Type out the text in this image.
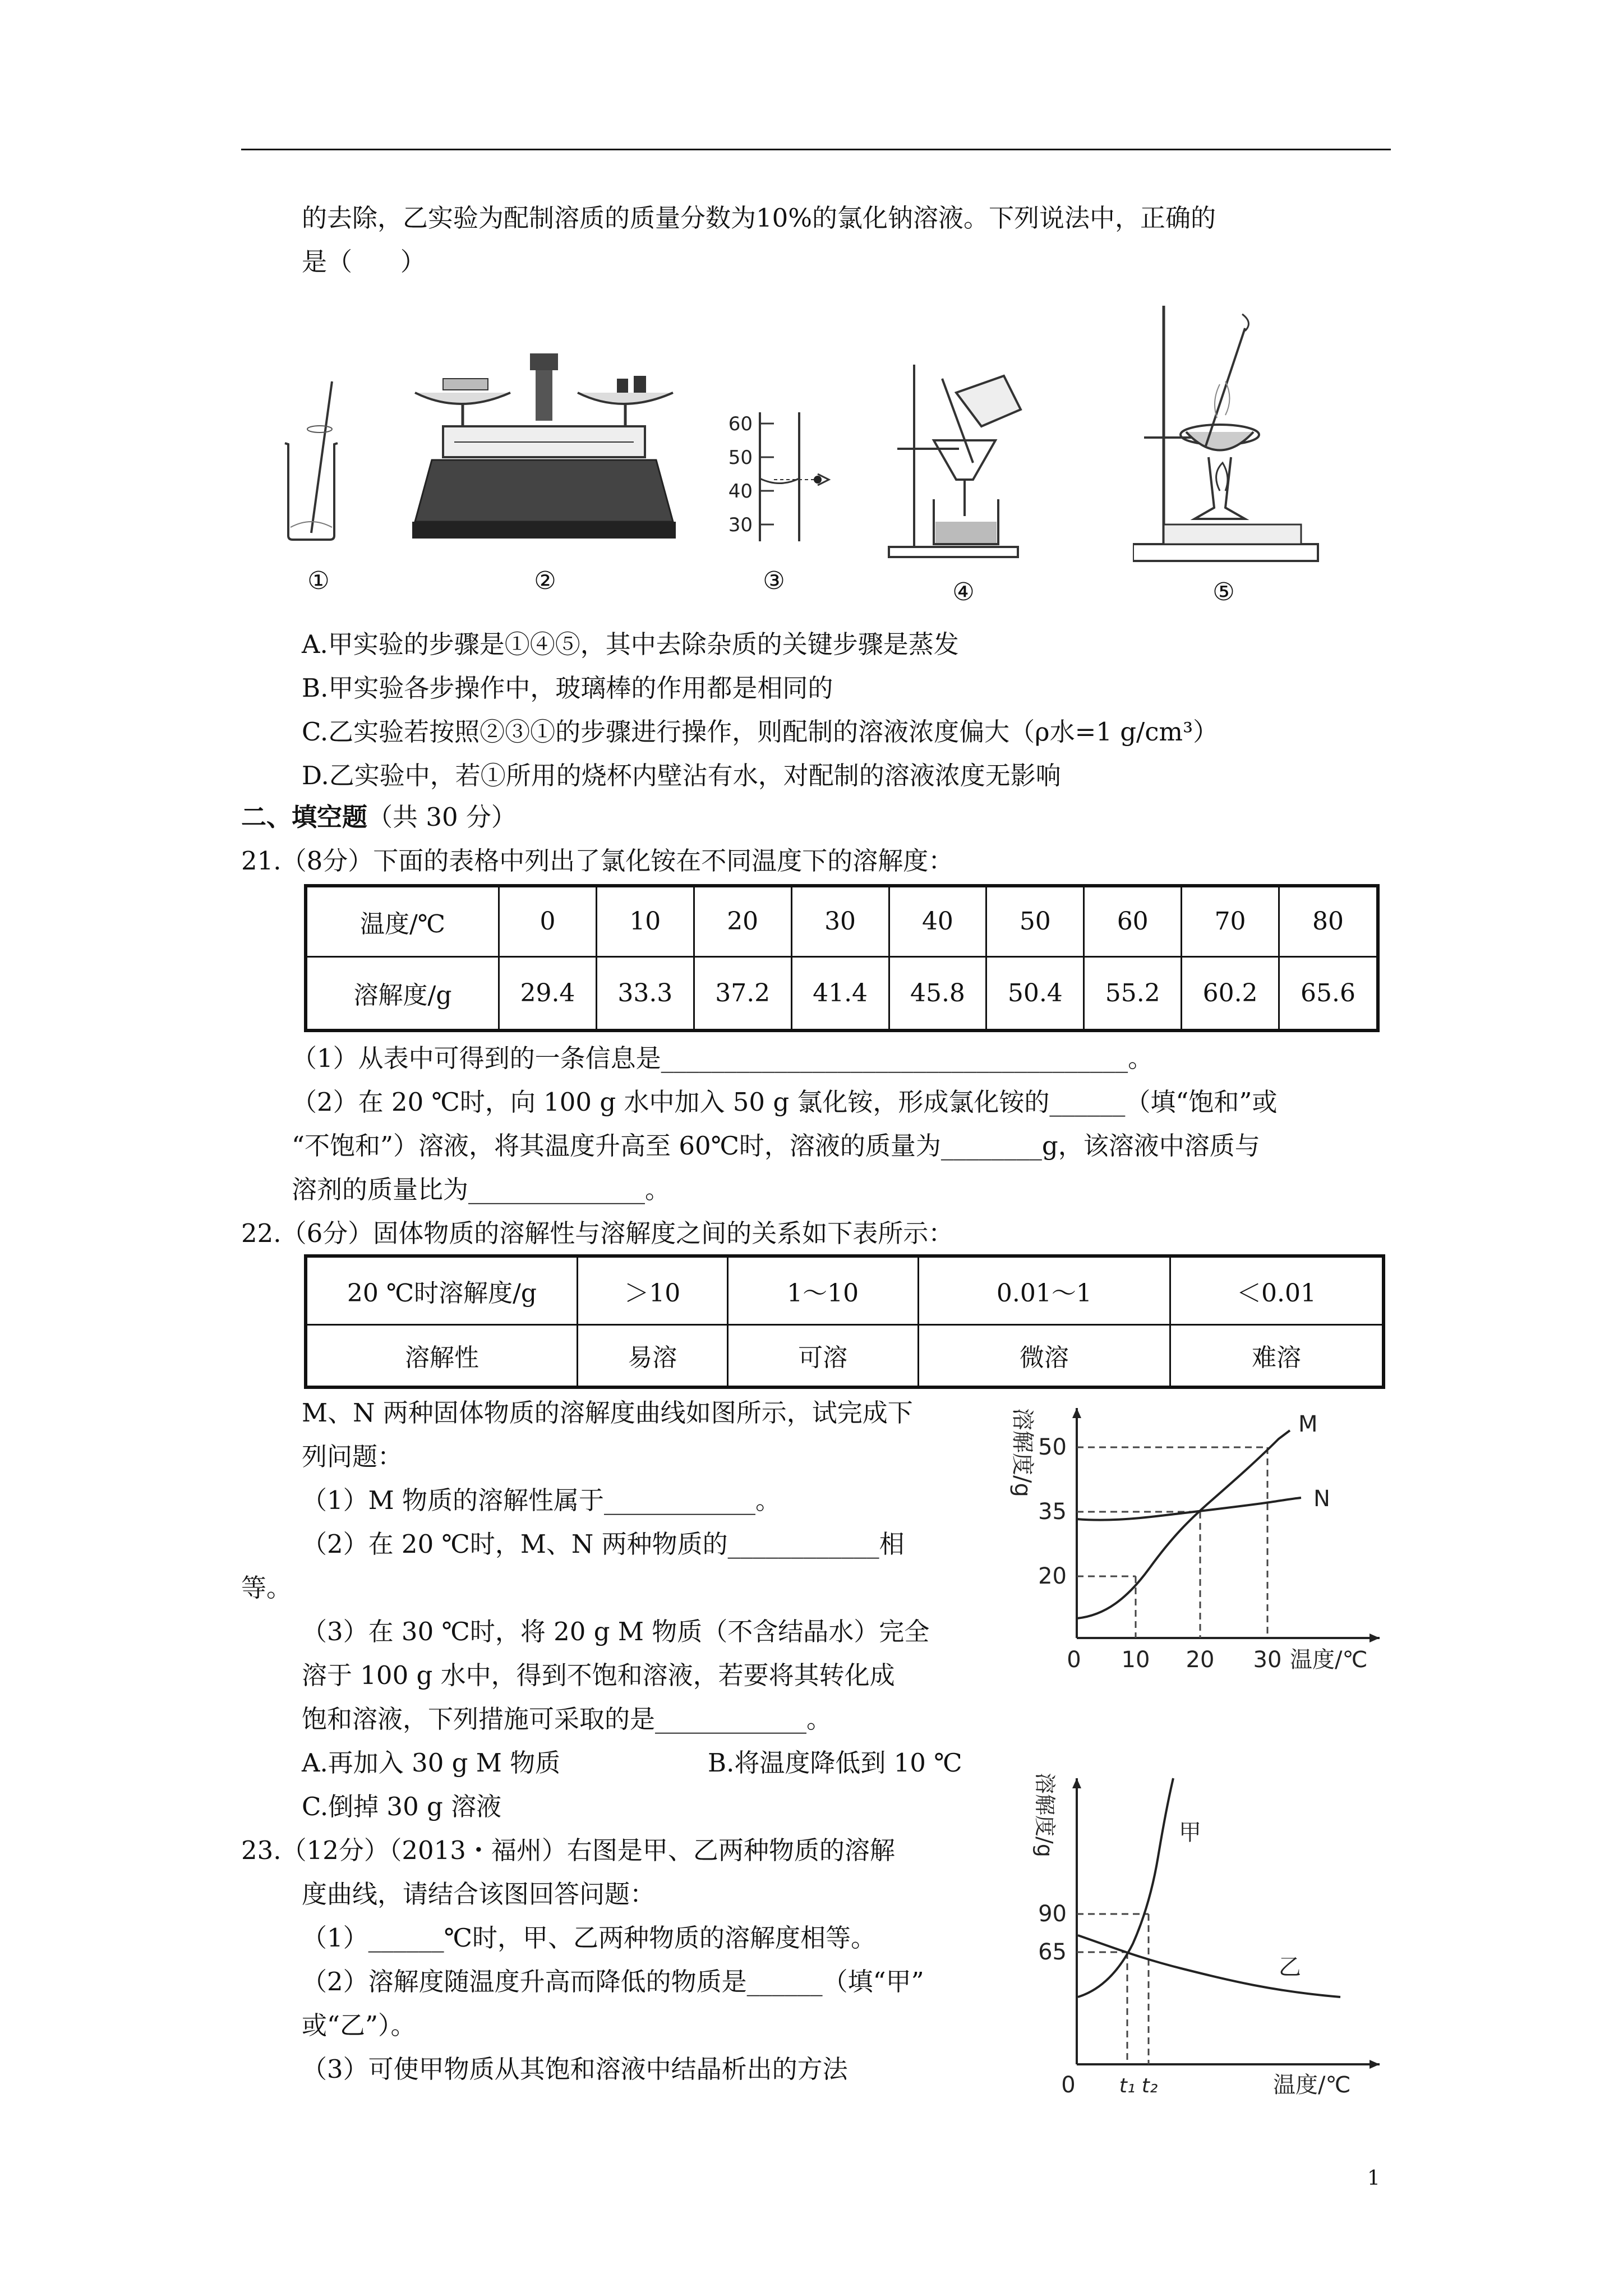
的去除，乙实验为配制溶质的质量分数为10%的氯化钠溶液。下列说法中，正确的
是（      ）
①	②
60
50
40
30
③	④	⑤
A.甲实验的步骤是①④⑤，其中去除杂质的关键步骤是蒸发
B.甲实验各步操作中，玻璃棒的作用都是相同的
C.乙实验若按照②③①的步骤进行操作，则配制的溶液浓度偏大（ρ水=1 g/cm³）
D.乙实验中，若①所用的烧杯内壁沾有水，对配制的溶液浓度无影响
二、填空题（共 30 分）
21.（8分）下面的表格中列出了氯化铵在不同温度下的溶解度：
温度/℃	0	10	20	30	40	50	60	70	80
溶解度/g	29.4	33.3	37.2	41.4	45.8	50.4	55.2	60.2	65.6
（1）从表中可得到的一条信息是_____________________________________。
（2）在 20 ℃时，向 100 g 水中加入 50 g 氯化铵，形成氯化铵的______（填“饱和”或
“不饱和”）溶液，将其温度升高至 60℃时，溶液的质量为________g，该溶液中溶质与
溶剂的质量比为______________。
22.（6分）固体物质的溶解性与溶解度之间的关系如下表所示：
20 ℃时溶解度/g	＞10	1～10	0.01～1	＜0.01
溶解性	易溶	可溶	微溶	难溶
M、N 两种固体物质的溶解度曲线如图所示，试完成下
列问题：
（1）M 物质的溶解性属于____________。
（2）在 20 ℃时，M、N 两种物质的____________相
等。
（3）在 30 ℃时，将 20 g M 物质（不含结晶水）完全
溶于 100 g 水中，得到不饱和溶液，若要将其转化成
饱和溶液，下列措施可采取的是____________。
A.再加入 30 g M 物质	B.将温度降低到 10 ℃
C.倒掉 30 g 溶液
50
35
20
0 10 20 30 温度/℃
M
N
溶解度/g
23.（12分）（2013・福州）右图是甲、乙两种物质的溶解
度曲线，请结合该图回答问题：
（1）______℃时，甲、乙两种物质的溶解度相等。
（2）溶解度随温度升高而降低的物质是______（填“甲”
或“乙”）。
（3）可使甲物质从其饱和溶液中结晶析出的方法
90
65
0 t₁ t₂	温度/℃
甲
乙
溶解度/g
1
